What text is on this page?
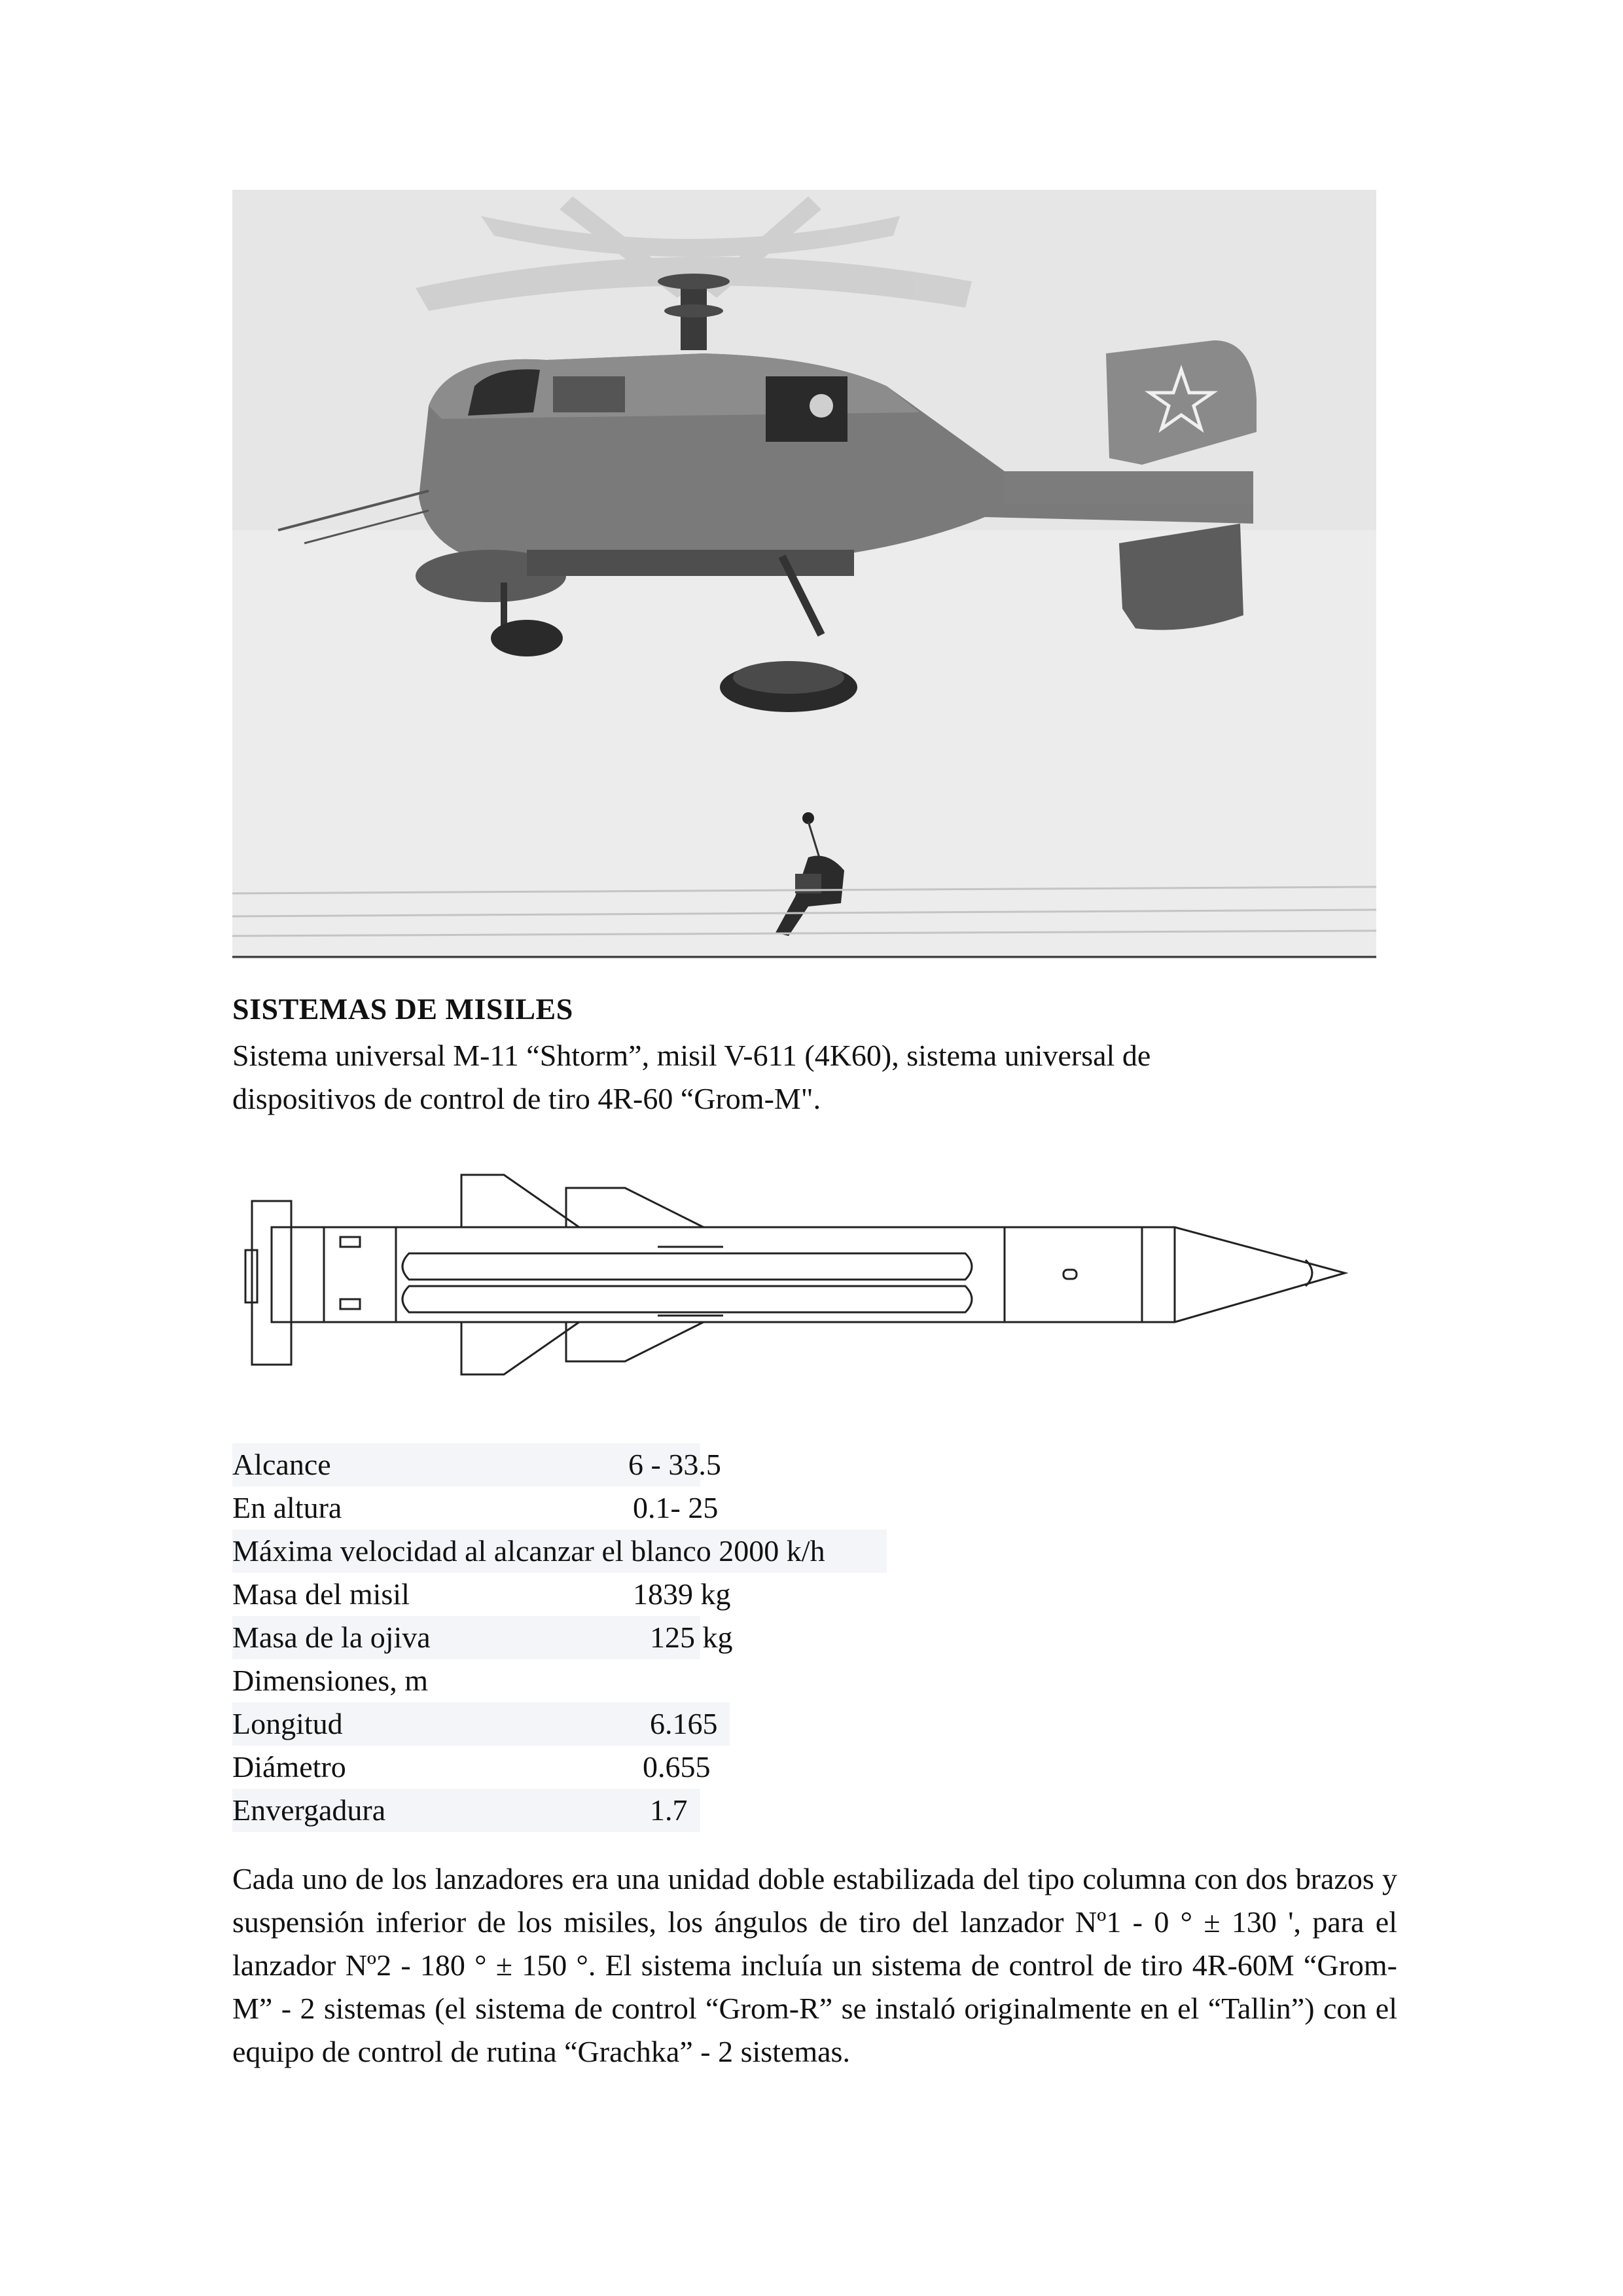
SISTEMAS DE MISILES
Sistema universal M-11 “Shtorm”, misil V-611 (4K60), sistema universal de dispositivos de control de tiro 4R-60 “Grom-M".
Alcance	6 - 33.5
En altura	0.1- 25
Máxima velocidad al alcanzar el blanco 2000 k/h
Masa del misil	1839 kg
Masa de la ojiva	125 kg
Dimensiones, m
Longitud	6.165
Diámetro	0.655
Envergadura	1.7
Cada uno de los lanzadores era una unidad doble estabilizada del tipo columna con dos brazos y suspensión inferior de los misiles, los ángulos de tiro del lanzador Nº1 - 0 ° ± 130 ', para el lanzador Nº2 - 180 ° ± 150 °. El sistema incluía un sistema de control de tiro 4R-60M “Grom-M” - 2 sistemas (el sistema de control “Grom-R” se instaló originalmente en el “Tallin”) con el equipo de control de rutina “Grachka” - 2 sistemas.
